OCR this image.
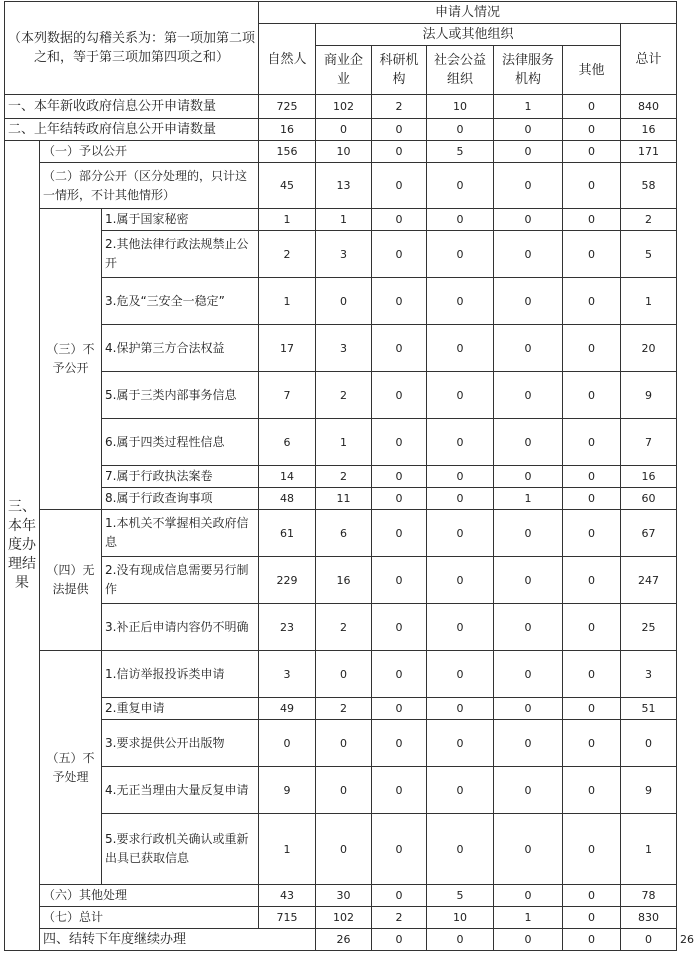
（本列数据的勾稽关系为：第一项加第二项之和，等于第三项加第四项之和）			申请人情况							
			自然人	法人或其他组织					总计	
				商业企业	科研机构	社会公益组织	法律服务机构	其他		
一、本年新收政府信息公开申请数量			725	102	2	10	1	0	840	
二、上年结转政府信息公开申请数量			16	0	0	0	0	0	16	
三、本年度办理结果	（一）予以公开		156	10	0	5	0	0	171	
	（二）部分公开（区分处理的，只计这一情形，不计其他情形）		45	13	0	0	0	0	58	
	（三）不予公开	1.属于国家秘密	1	1	0	0	0	0	2	
		2.其他法律行政法规禁止公开	2	3	0	0	0	0	5	
		3.危及“三安全一稳定”	1	0	0	0	0	0	1	
		4.保护第三方合法权益	17	3	0	0	0	0	20	
		5.属于三类内部事务信息	7	2	0	0	0	0	9	
		6.属于四类过程性信息	6	1	0	0	0	0	7	
		7.属于行政执法案卷	14	2	0	0	0	0	16	
		8.属于行政查询事项	48	11	0	0	1	0	60	
	（四）无法提供	1.本机关不掌握相关政府信息	61	6	0	0	0	0	67	
		2.没有现成信息需要另行制作	229	16	0	0	0	0	247	
		3.补正后申请内容仍不明确	23	2	0	0	0	0	25	
	（五）不予处理	1.信访举报投诉类申请	3	0	0	0	0	0	3	
		2.重复申请	49	2	0	0	0	0	51	
		3.要求提供公开出版物	0	0	0	0	0	0	0	
		4.无正当理由大量反复申请	9	0	0	0	0	0	9	
		5.要求行政机关确认或重新出具已获取信息	1	0	0	0	0	0	1	
	（六）其他处理		43	30	0	5	0	0	78	
	（七）总计		715	102	2	10	1	0	830	
	四、结转下年度继续办理			26	0	0	0	0	0	26
